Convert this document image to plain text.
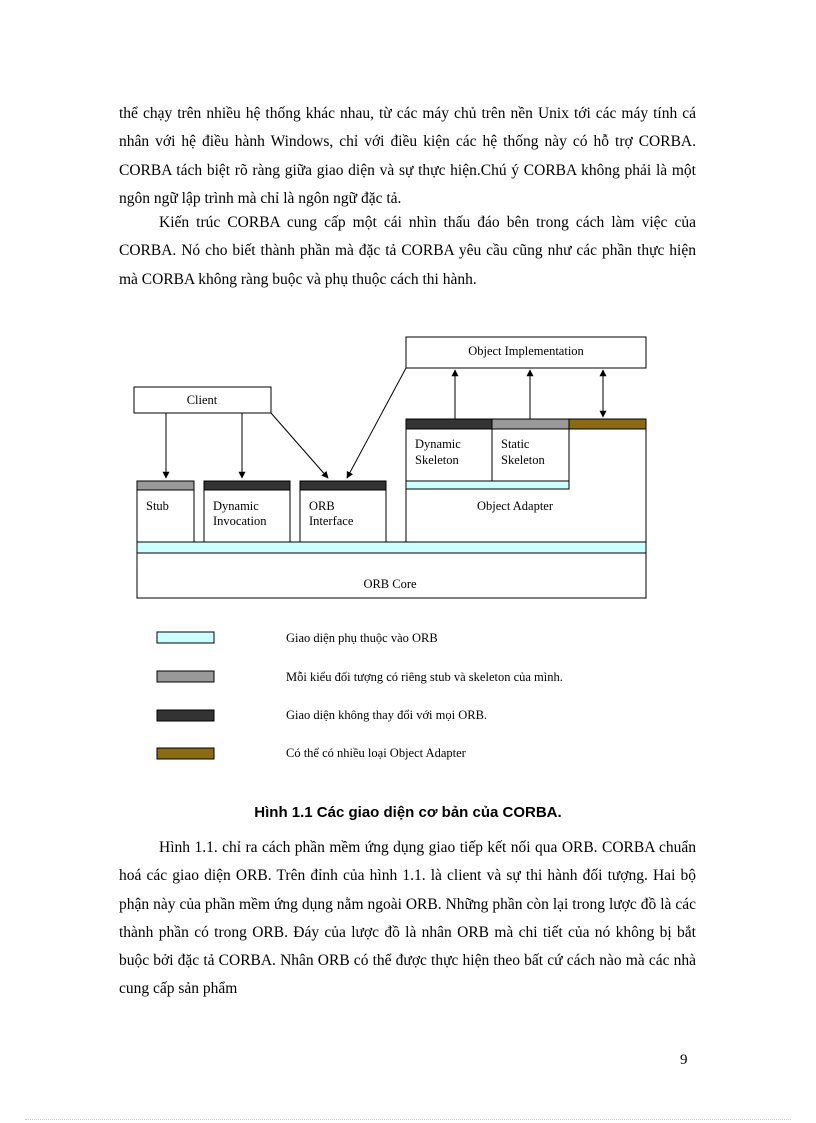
thể chạy trên nhiều hệ thống khác nhau, từ các máy chủ trên nền Unix tới các máy tính cá nhân với hệ điều hành Windows, chỉ với điều kiện các hệ thống này có hỗ trợ CORBA. CORBA tách biệt rõ ràng giữa giao diện và sự thực hiện.Chú ý CORBA không phải là một ngôn ngữ lập trình mà chỉ là ngôn ngữ đặc tả.

Kiến trúc CORBA cung cấp một cái nhìn thấu đáo bên trong cách làm việc của CORBA. Nó cho biết thành phần mà đặc tả CORBA yêu cầu cũng như các phần thực hiện mà CORBA không ràng buộc và phụ thuộc cách thi hành.

Object Implementation
Client
Stub	Dynamic
Invocation
ORB
Interface
Object Adapter
Dynamic
Skeleton
Static
Skeleton
ORB Core
Giao diện phụ thuộc vào ORB
Mỗi kiểu đối tượng có riêng stub và skeleton của mình.
Giao diện không thay đổi với mọi ORB.
Có thể có nhiều loại Object Adapter
Hình 1.1 Các giao diện cơ bản của CORBA.

Hình 1.1. chỉ ra cách phần mềm ứng dụng giao tiếp kết nối qua ORB. CORBA chuẩn hoá các giao diện ORB. Trên đỉnh của hình 1.1. là client và sự thi hành đối tượng. Hai bộ phận này của phần mềm ứng dụng nằm ngoài ORB. Những phần còn lại trong lược đồ là các thành phần có trong ORB. Đáy của lược đồ là nhân ORB mà chi tiết của nó không bị bắt buộc bởi đặc tả CORBA. Nhân ORB có thể được thực hiện theo bất cứ cách nào mà các nhà cung cấp sản phẩm

9
